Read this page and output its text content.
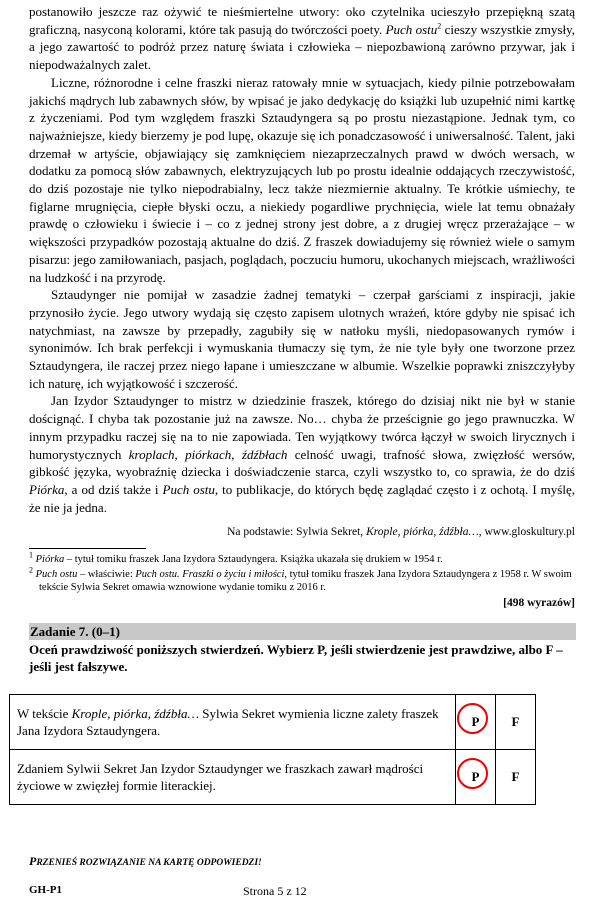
postanowiło jeszcze raz ożywić te nieśmiertelne utwory: oko czytelnika ucieszyło przepiękną szatą graficzną, nasyconą kolorami, które tak pasują do twórczości poety. Puch ostu$^2$ cieszy wszystkie zmysły, a jego zawartość to podróż przez naturę świata i człowieka – niepozbawioną zarówno przywar, jak i niepodważalnych zalet.

Liczne, różnorodne i celne fraszki nieraz ratowały mnie w sytuacjach, kiedy pilnie potrzebowałam jakichś mądrych lub zabawnych słów, by wpisać je jako dedykację do książki lub uzupełnić nimi kartkę z życzeniami. Pod tym względem fraszki Sztaudyngera są po prostu niezastąpione. Jednak tym, co najważniejsze, kiedy bierzemy je pod lupę, okazuje się ich ponadczasowość i uniwersalność. Talent, jaki drzemał w artyście, objawiający się zamknięciem niezaprzeczalnych prawd w dwóch wersach, w dodatku za pomocą słów zabawnych, elektryzujących lub po prostu idealnie oddających rzeczywistość, do dziś pozostaje nie tylko niepodrabialny, lecz także niezmiernie aktualny. Te krótkie uśmiechy, te figlarne mrugnięcia, ciepłe błyski oczu, a niekiedy pogardliwe prychnięcia, wiele lat temu obnażały prawdę o człowieku i świecie i – co z jednej strony jest dobre, a z drugiej wręcz przerażające – w większości przypadków pozostają aktualne do dziś. Z fraszek dowiadujemy się również wiele o samym pisarzu: jego zamiłowaniach, pasjach, poglądach, poczuciu humoru, ukochanych miejscach, wrażliwości na ludzkość i na przyrodę.

Sztaudynger nie pomijał w zasadzie żadnej tematyki – czerpał garściami z inspiracji, jakie przynosiło życie. Jego utwory wydają się często zapisem ulotnych wrażeń, które gdyby nie spisać ich natychmiast, na zawsze by przepadły, zagubiły się w natłoku myśli, niedopasowanych rymów i synonimów. Ich brak perfekcji i wymuskania tłumaczy się tym, że nie tyle były one tworzone przez Sztaudyngera, ile raczej przez niego łapane i umieszczane w albumie. Wszelkie poprawki zniszczyłyby ich naturę, ich wyjątkowość i szczerość.

Jan Izydor Sztaudynger to mistrz w dziedzinie fraszek, którego do dzisiaj nikt nie był w stanie doścignąć. I chyba tak pozostanie już na zawsze. No… chyba że prześcignie go jego prawnuczka. W innym przypadku raczej się na to nie zapowiada. Ten wyjątkowy twórca łączył w swoich lirycznych i humorystycznych kroplach, piórkach, źdźbłach celność uwagi, trafność słowa, zwięzłość wersów, gibkość języka, wyobraźnię dziecka i doświadczenie starca, czyli wszystko to, co sprawia, że do dziś Piórka, a od dziś także i Puch ostu, to publikacje, do których będę zaglądać często i z ochotą. I myślę, że nie ja jedna.

Na podstawie: Sylwia Sekret, Krople, piórka, źdźbła…, www.gloskultury.pl

$^1$ Piórka – tytuł tomiku fraszek Jana Izydora Sztaudyngera. Książka ukazała się drukiem w 1954 r.

$^2$ Puch ostu – właściwie: Puch ostu. Fraszki o życiu i miłości, tytuł tomiku fraszek Jana Izydora Sztaudyngera z 1958 r. W swoim tekście Sylwia Sekret omawia wznowione wydanie tomiku z 2016 r.

[498 wyrazów]
Zadanie 7. (0–1)
Oceń prawdziwość poniższych stwierdzeń. Wybierz P, jeśli stwierdzenie jest prawdziwe, albo F – jeśli jest fałszywe.
W tekście Krople, piórka, źdźbła… Sylwia Sekret wymienia liczne zalety fraszek Jana Izydora Sztaudyngera.	P	F
Zdaniem Sylwii Sekret Jan Izydor Sztaudynger we fraszkach zawarł mądrości życiowe w zwięzłej formie literackiej.	P	F
PRZENIEŚ ROZWIĄZANIE NA KARTĘ ODPOWIEDZI!
GH-P1	Strona 5 z 12
